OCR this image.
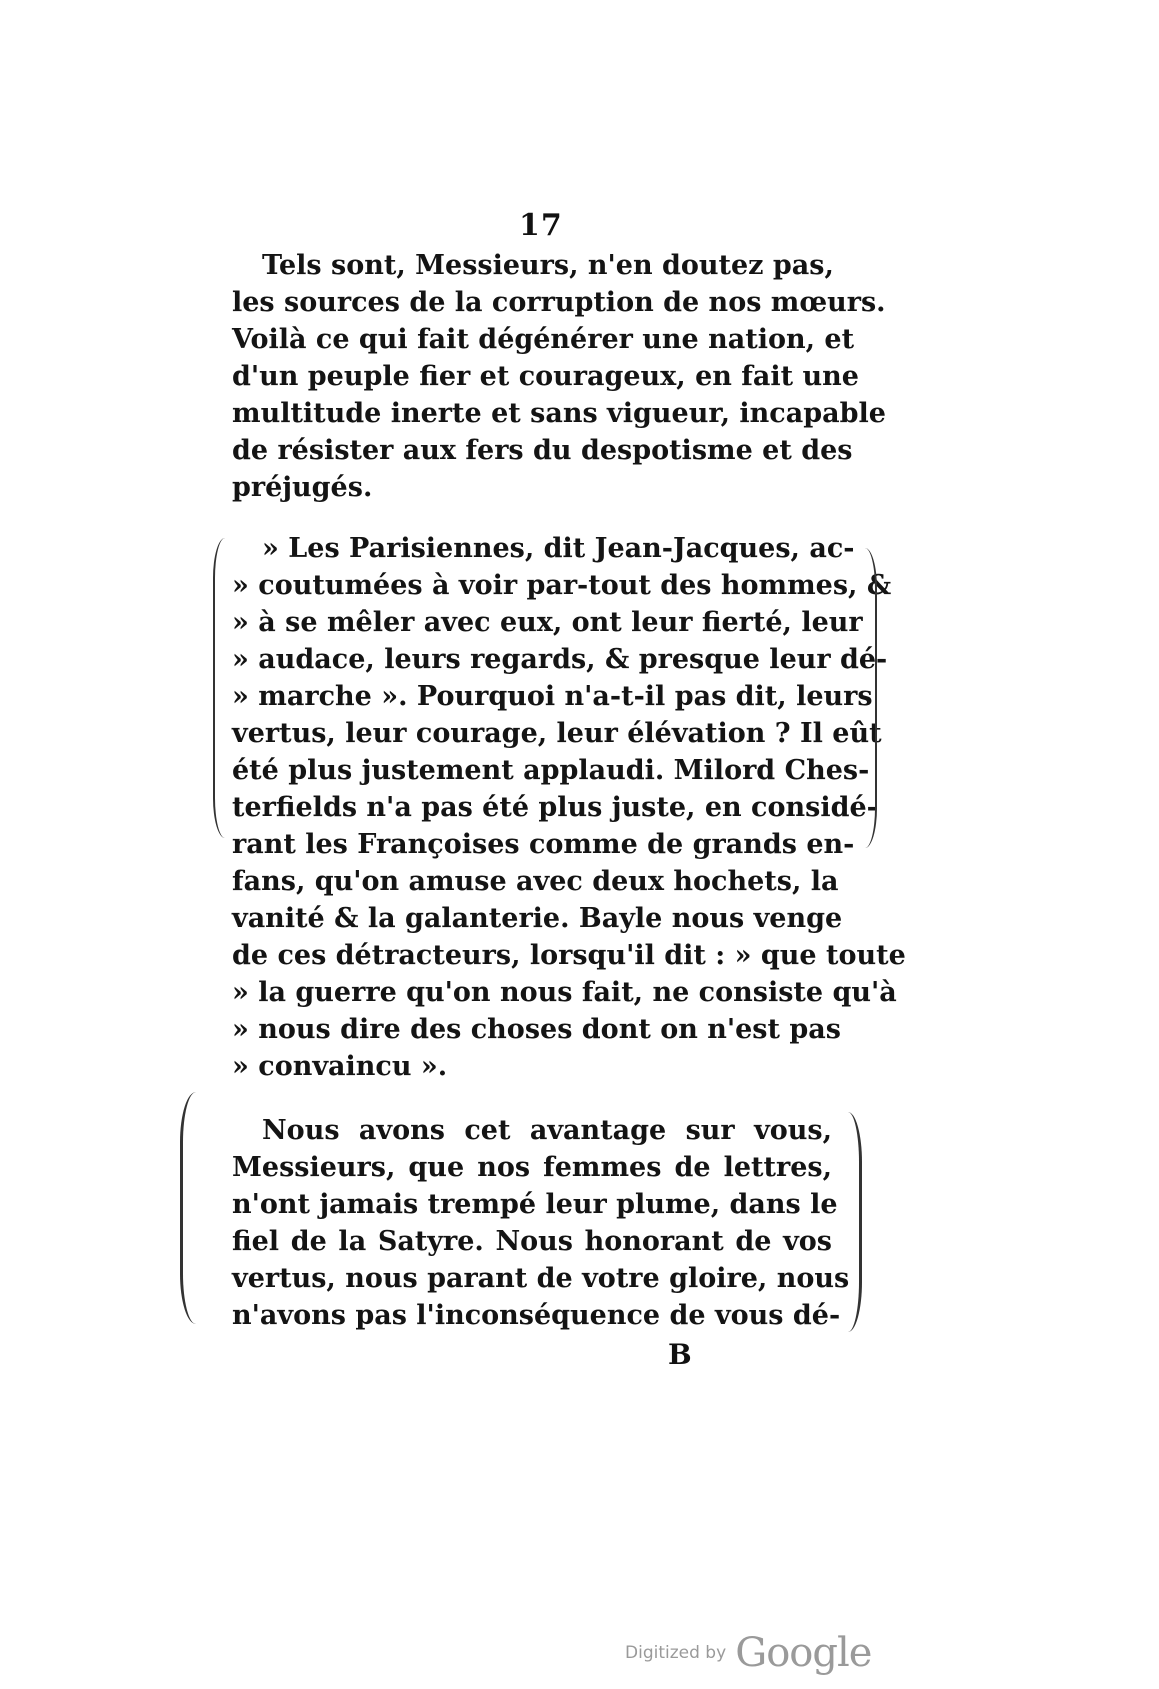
17
Tels sont, Messieurs, n'en doutez pas,
les sources de la corruption de nos mœurs.
Voilà ce qui fait dégénérer une nation, et
d'un peuple fier et courageux, en fait une
multitude inerte et sans vigueur, incapable
de résister aux fers du despotisme et des
préjugés.
» Les Parisiennes, dit Jean-Jacques, ac-
» coutumées à voir par-tout des hommes, &
» à se mêler avec eux, ont leur fierté, leur
» audace, leurs regards, & presque leur dé-
» marche ». Pourquoi n'a-t-il pas dit, leurs
vertus, leur courage, leur élévation ? Il eût
été plus justement applaudi. Milord Ches-
terfields n'a pas été plus juste, en considé-
rant les Françoises comme de grands en-
fans, qu'on amuse avec deux hochets, la
vanité & la galanterie. Bayle nous venge
de ces détracteurs, lorsqu'il dit : » que toute
» la guerre qu'on nous fait, ne consiste qu'à
» nous dire des choses dont on n'est pas
» convaincu ».
Nous avons cet avantage sur vous,
Messieurs, que nos femmes de lettres,
n'ont jamais trempé leur plume, dans le
fiel de la Satyre. Nous honorant de vos
vertus, nous parant de votre gloire, nous
n'avons pas l'inconséquence de vous dé-
B
Digitized by Google
